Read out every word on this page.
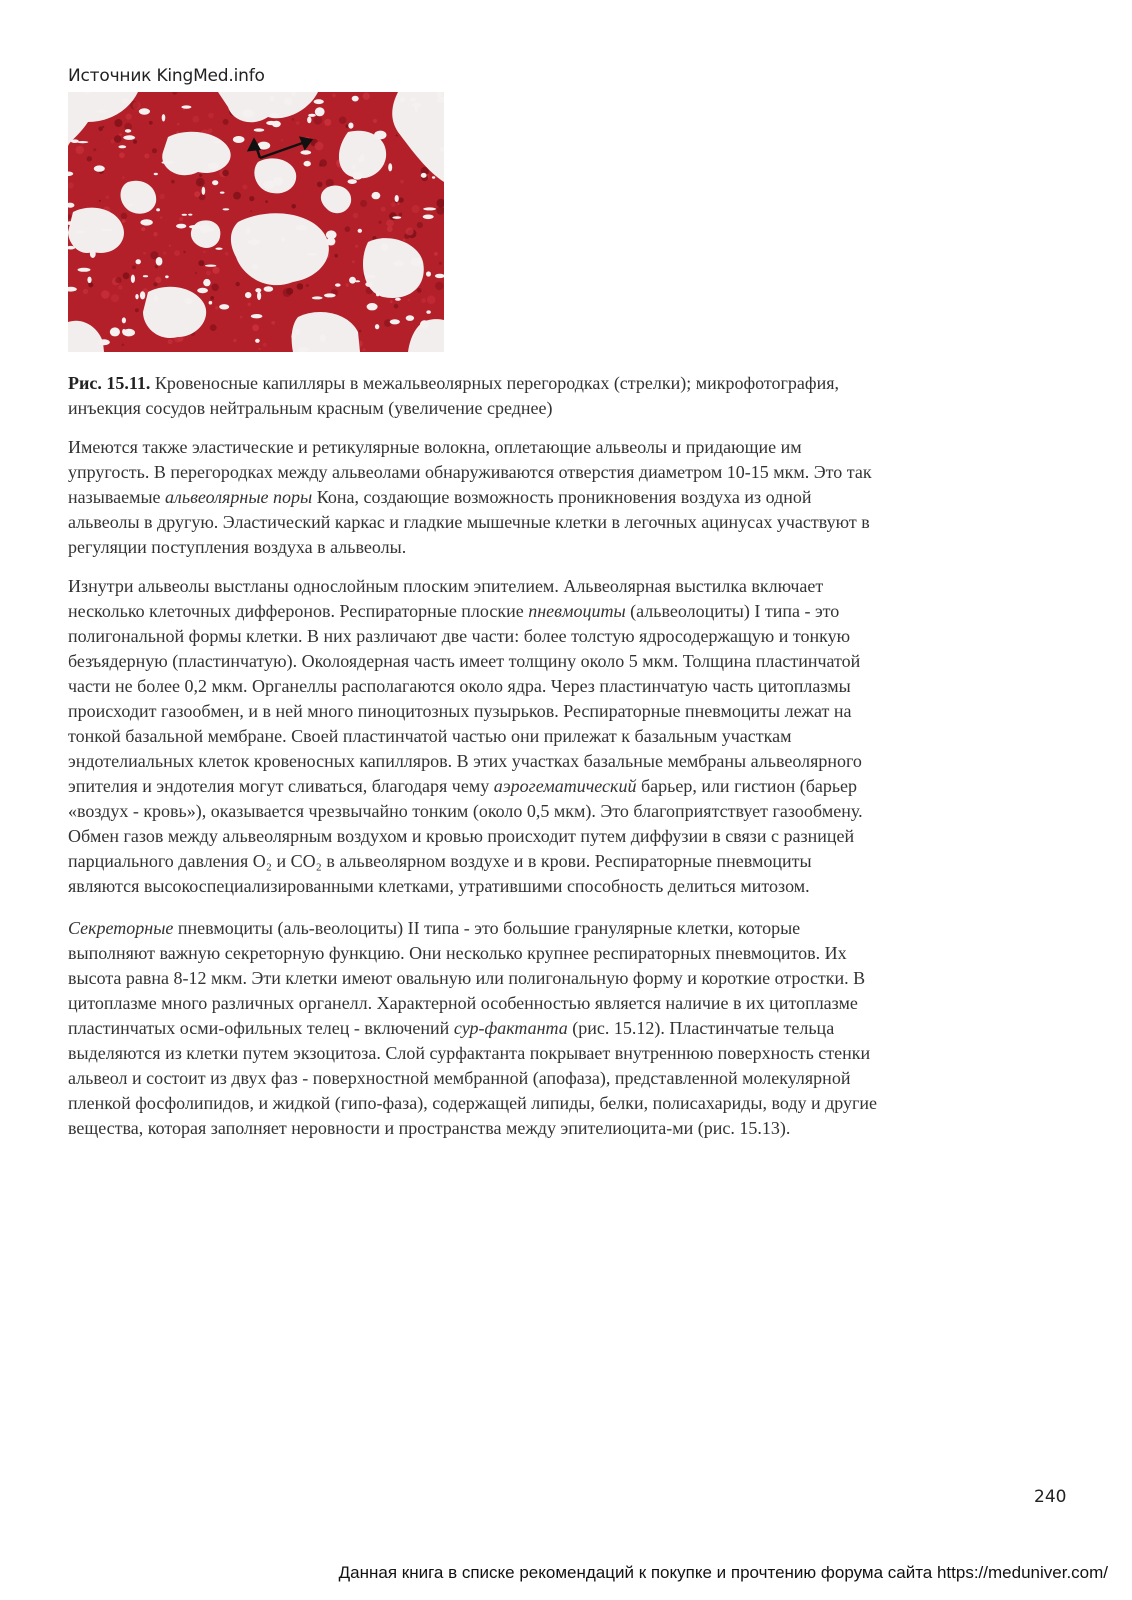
Источник KingMed.info
Рис. 15.11. Кровеносные капилляры в межальвеолярных перегородках (стрелки); микрофотография,
инъекция сосудов нейтральным красным (увеличение среднее)
Имеются также эластические и ретикулярные волокна, оплетающие альвеолы и придающие им
упругость. В перегородках между альвеолами обнаруживаются отверстия диаметром 10-15 мкм. Это так
называемые альвеолярные поры Кона, создающие возможность проникновения воздуха из одной
альвеолы в другую. Эластический каркас и гладкие мышечные клетки в легочных ацинусах участвуют в
регуляции поступления воздуха в альвеолы.
Изнутри альвеолы выстланы однослойным плоским эпителием. Альвеолярная выстилка включает
несколько клеточных дифферонов. Респираторные плоские пневмоциты (альвеолоциты) I типа - это
полигональной формы клетки. В них различают две части: более толстую ядросодержащую и тонкую
безъядерную (пластинчатую). Околоядерная часть имеет толщину около 5 мкм. Толщина пластинчатой
части не более 0,2 мкм. Органеллы располагаются около ядра. Через пластинчатую часть цитоплазмы
происходит газообмен, и в ней много пиноцитозных пузырьков. Респираторные пневмоциты лежат на
тонкой базальной мембране. Своей пластинчатой частью они прилежат к базальным участкам
эндотелиальных клеток кровеносных капилляров. В этих участках базальные мембраны альвеолярного
эпителия и эндотелия могут сливаться, благодаря чему аэрогематический барьер, или гистион (барьер
«воздух - кровь»), оказывается чрезвычайно тонким (около 0,5 мкм). Это благоприятствует газообмену.
Обмен газов между альвеолярным воздухом и кровью происходит путем диффузии в связи с разницей
парциального давления O₂ и CO₂ в альвеолярном воздухе и в крови. Респираторные пневмоциты
являются высокоспециализированными клетками, утратившими способность делиться митозом.
Секреторные пневмоциты (аль-веолоциты) II типа - это большие гранулярные клетки, которые
выполняют важную секреторную функцию. Они несколько крупнее респираторных пневмоцитов. Их
высота равна 8-12 мкм. Эти клетки имеют овальную или полигональную форму и короткие отростки. В
цитоплазме много различных органелл. Характерной особенностью является наличие в их цитоплазме
пластинчатых осми-офильных телец - включений сур-фактанта (рис. 15.12). Пластинчатые тельца
выделяются из клетки путем экзоцитоза. Слой сурфактанта покрывает внутреннюю поверхность стенки
альвеол и состоит из двух фаз - поверхностной мембранной (апофаза), представленной молекулярной
пленкой фосфолипидов, и жидкой (гипо-фаза), содержащей липиды, белки, полисахариды, воду и другие
вещества, которая заполняет неровности и пространства между эпителиоцита-ми (рис. 15.13).
240
Данная книга в списке рекомендаций к покупке и прочтению форума сайта https://meduniver.com/
